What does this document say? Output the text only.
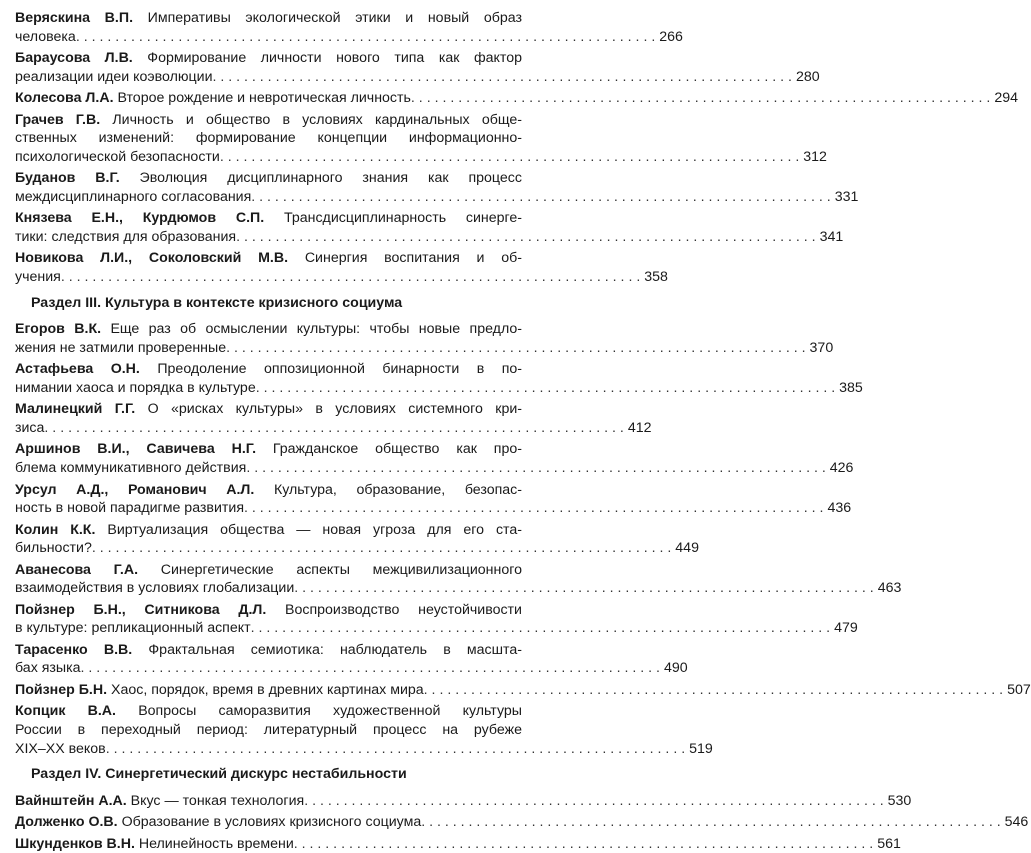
Веряскина В.П. Императивы экологической этики и новый образ
человека . . .	266
Бараусова Л.В. Формирование личности нового типа как фактор
реализации идеи коэволюции . . .	280
Колесова Л.А. Второе рождение и невротическая личность . . .	294
Грачев Г.В. Личность и общество в условиях кардинальных обще-
ственных изменений: формирование концепции информационно-
психологической безопасности . . .	312
Буданов В.Г. Эволюция дисциплинарного знания как процесс
междисциплинарного согласования . . .	331
Князева Е.Н., Курдюмов С.П. Трансдисциплинарность синерге-
тики: следствия для образования . . .	341
Новикова Л.И., Соколовский М.В. Синергия воспитания и об-
учения . . .	358
Раздел III. Культура в контексте кризисного социума
Егоров В.К. Еще раз об осмыслении культуры: чтобы новые предло-
жения не затмили проверенные . . .	370
Астафьева О.Н. Преодоление оппозиционной бинарности в по-
нимании хаоса и порядка в культуре . . .	385
Малинецкий Г.Г. О «рисках культуры» в условиях системного кри-
зиса . . .	412
Аршинов В.И., Савичева Н.Г. Гражданское общество как про-
блема коммуникативного действия . . .	426
Урсул А.Д., Романович А.Л. Культура, образование, безопас-
ность в новой парадигме развития . . .	436
Колин К.К. Виртуализация общества — новая угроза для его ста-
бильности? . . .	449
Аванесова Г.А. Синергетические аспекты межцивилизационного
взаимодействия в условиях глобализации . . .	463
Пойзнер Б.Н., Ситникова Д.Л. Воспроизводство неустойчивости
в культуре: репликационный аспект . . .	479
Тарасенко В.В. Фрактальная семиотика: наблюдатель в масшта-
бах языка . . .	490
Пойзнер Б.Н. Хаос, порядок, время в древних картинах мира . . .	507
Копцик В.А. Вопросы саморазвития художественной культуры
России в переходный период: литературный процесс на рубеже
XIX–XX веков . . .	519
Раздел IV. Синергетический дискурс нестабильности
Вайнштейн А.А. Вкус — тонкая технология . . .	530
Долженко О.В. Образование в условиях кризисного социума . . .	546
Шкунденков В.Н. Нелинейность времени . . .	561
